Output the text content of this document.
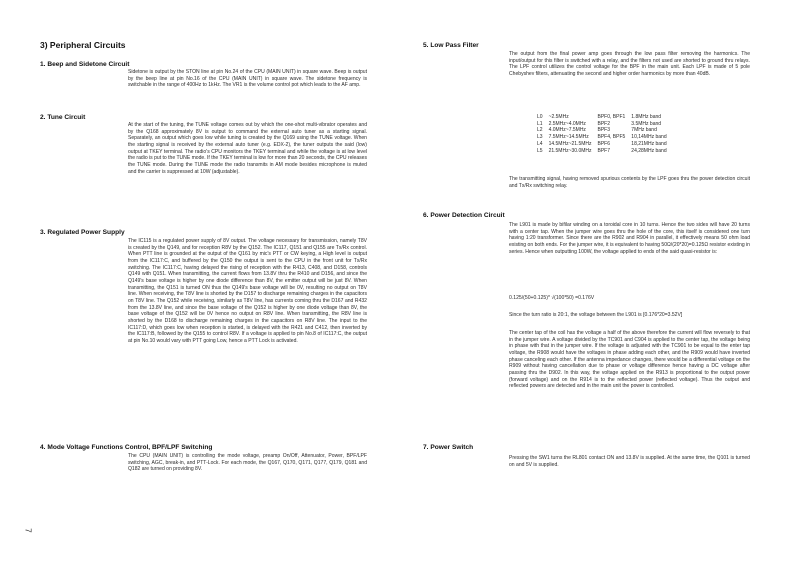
3) Peripheral Circuits
1. Beep and Sidetone Circuit

Sidetone is output by the STON line at pin No.24 of the CPU (MAIN UNIT) in square wave. Beep is output by the beep line at pin No.16 of the CPU (MAIN UNIT) in square wave. The sidetone frequency is switchable in the range of 400Hz to 1kHz. The VR1 is the volume control pot which leads to the AF amp.

2. Tune Circuit

At the start of the tuning, the TUNE voltage comes out by which the one-shot multi-vibrator operates and by the Q168 approximately 8V is output to command the external auto tuner as a starting signal. Separately, an output which goes low while tuning is created by the Q169 using the TUNE voltage. When the starting signal is received by the external auto tuner (e.g. EDX-2), the tuner outputs the said (low) output at TKEY terminal. The radio's CPU monitors the TKEY terminal and while the voltage is at low level the radio is put to the TUNE mode. If the TKEY terminal is low for more than 20 seconds, the CPU releases the TUNE mode. During the TUNE mode the radio transmits in AM mode besides microphone is muted and the carrier is suppressed at 10W (adjustable).

3. Regulated Power Supply

The IC115 is a regulated power supply of 8V output. The voltage necessary for transmission, namely T8V is created by the Q149, and for reception R8V by the Q152. The IC117, Q151 and Q155 are Tx/Rx control. When PTT line is grounded at the output of the Q161 by mic's PTT or CW keying, a High level is output from the IC117:C, and buffered by the Q150 the output is sent to the CPU in the front unit for Tx/Rx switching. The IC117:C, having delayed the rising of reception with the R413, C408, and D158, controls Q149 with Q151. When transmitting, the current flows from 13.8V thru the R410 and D156, and since the Q149's base voltage is higher by one diode difference than 8V, the emitter output will be just 8V. When transmitting, the Q151 is turned ON thus the Q149's base voltage will be 0V, resulting no output on T8V line. When receiving, the T8V line is shorted by the D157 to discharge remaining charges in the capacitors on T8V line. The Q152 while receiving, similarly as T8V line, has currents coming thru the D167 and R432 from the 13.8V line, and since the base voltage of the Q152 is higher by one diode voltage than 8V, the base voltage of the Q152 will be 0V hence no output on R8V line. When transmitting, the R8V line is shorted by the D168 to discharge remaining charges in the capacitors on R8V line. The input to the IC117:D, which goes low when reception is started, is delayed with the R421 and C412, then inverted by the IC117:B, followed by the Q155 to control R8V. If a voltage is applied to pin No.8 of IC117:C, the output at pin No.10 would vary with PTT going Low, hence a PTT Lock is activated.

4. Mode Voltage Functions Control, BPF/LPF Switching

The CPU (MAIN UNIT) is controlling the mode voltage, preamp On/Off, Attenuator, Power, BPF/LPF switching, AGC, break-in, and PTT-Lock. For each mode, the Q167, Q170, Q171, Q177, Q179, Q181 and Q182 are turned on providing 8V.

7
5. Low Pass Filter

The output from the final power amp goes through the low pass filter removing the harmonics. The input/output for this filter is switched with a relay, and the filters not used are shorted to ground thru relays. The LPF control utilizes the control voltage for the BPF in the main unit. Each LPF is made of 5 pole Chebyshev filters, attenuating the second and higher order harmonics by more than 40dB.

L0	~2.5MHz	BPF0, BPF1	1.8MHz band
L1	2.5MHz~4.0MHz	BPF2	3.5MHz band
L2	4.0MHz~7.5MHz	BPF3	7MHz band
L3	7.5MHz~14.5MHz	BPF4, BPF5	10,14MHz band
L4	14.5MHz~21.5MHz	BPF6	18,21MHz band
L5	21.5MHz~30.0MHz	BPF7	24,28MHz band

The transmitting signal, having removed spurious contents by the LPF goes thru the power detection circuit and Tx/Rx switching relay.

6. Power Detection Circuit

The L901 is made by bifilar winding on a toroidal core in 10 turns. Hence the two sides will have 20 turns with a center tap. When the jumper wire goes thru the hole of the core, this itself is considered one turn having 1:20 transformer. Since there are the R902 and R904 in parallel, it effectively means 50 ohm load existing on both ends. For the jumper wire, it is equivalent to having 50Ω/(20*20)=0.125Ω resistor existing in series. Hence when outputting 100W, the voltage applied to ends of the said quasi-resistor is:

0.125/(50+0.125)* √(100*50) =0.176V

Since the turn ratio is 20:1, the voltage between the L901 is [0.176*20=3.52V]

The center tap of the coil has the voltage a half of the above therefore the current will flow reversely to that in the jumper wire. A voltage divided by the TC901 and C904 is applied to the center tap, the voltage being in phase with that in the jumper wire. If the voltage is adjusted with the TC901 to be equal to the enter tap voltage, the R908 would have the voltages in phase adding each other, and the R909 would have inverted phase canceling each other. If the antenna impedance changes, there would be a differential voltage on the R909 without having cancellation due to phase or voltage difference hence having a DC voltage after passing thru the D902. In this way, the voltage applied on the R913 is proportional to the output power (forward voltage) and on the R914 is to the reflected power (reflected voltage). Thus the output and reflected powers are detected and in the main unit the power is controlled.

7. Power Switch

Pressing the SW1 turns the RL801 contact ON and 13.8V is supplied. At the same time, the Q101 is turned on and 5V is supplied.
